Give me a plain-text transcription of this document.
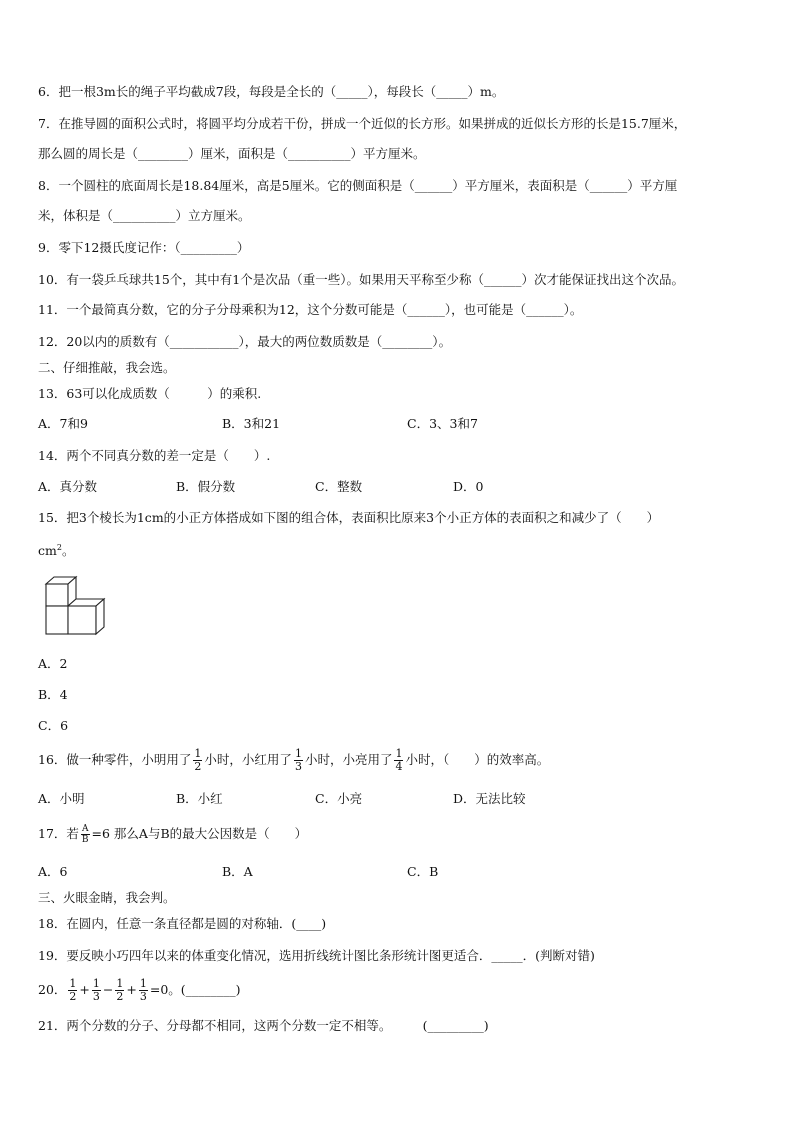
6．把一根3m长的绳子平均截成7段，每段是全长的（_____），每段长（_____）m。
7．在推导圆的面积公式时，将圆平均分成若干份，拼成一个近似的长方形。如果拼成的近似长方形的长是15.7厘米，
那么圆的周长是（________）厘米，面积是（__________）平方厘米。
8．一个圆柱的底面周长是18.84厘米，高是5厘米。它的侧面积是（______）平方厘米，表面积是（______）平方厘
米，体积是（__________）立方厘米。
9．零下12摄氏度记作：（_________）
10．有一袋乒乓球共15个，其中有1个是次品（重一些）。如果用天平称至少称（______）次才能保证找出这个次品。
11．一个最简真分数，它的分子分母乘积为12，这个分数可能是（______），也可能是（______）。
12．20以内的质数有（___________），最大的两位数质数是（________）。
二、仔细推敲，我会选。
13．63可以化成质数（　　　）的乘积.
A．7和9	B．3和21	C．3、3和7
14．两个不同真分数的差一定是（　　）.
A．真分数	B．假分数	C．整数	D．0
15．把3个棱长为1cm的小正方体搭成如下图的组合体，表面积比原来3个小正方体的表面积之和减少了（　　）
$cm^2$。
A．2
B．4
C．6
16．做一种零件，小明用了 $\frac{1}{2}$ 小时，小红用了 $\frac{1}{3}$ 小时，小亮用了 $\frac{1}{4}$ 小时，（　　）的效率高。
A．小明	B．小红	C．小亮	D．无法比较
17．若 $\frac{A}{B} =6$ 那么A与B的最大公因数是（　　）
A．6	B．A	C．B
三、火眼金睛，我会判。
18．在圆内，任意一条直径都是圆的对称轴．(____)
19．要反映小巧四年以来的体重变化情况，选用折线统计图比条形统计图更适合．_____．(判断对错)
20． $\frac{1}{2} + \frac{1}{3} - \frac{1}{2} + \frac{1}{3} =0$。(________)
21．两个分数的分子、分母都不相同，这两个分数一定不相等。　　　(_________)
